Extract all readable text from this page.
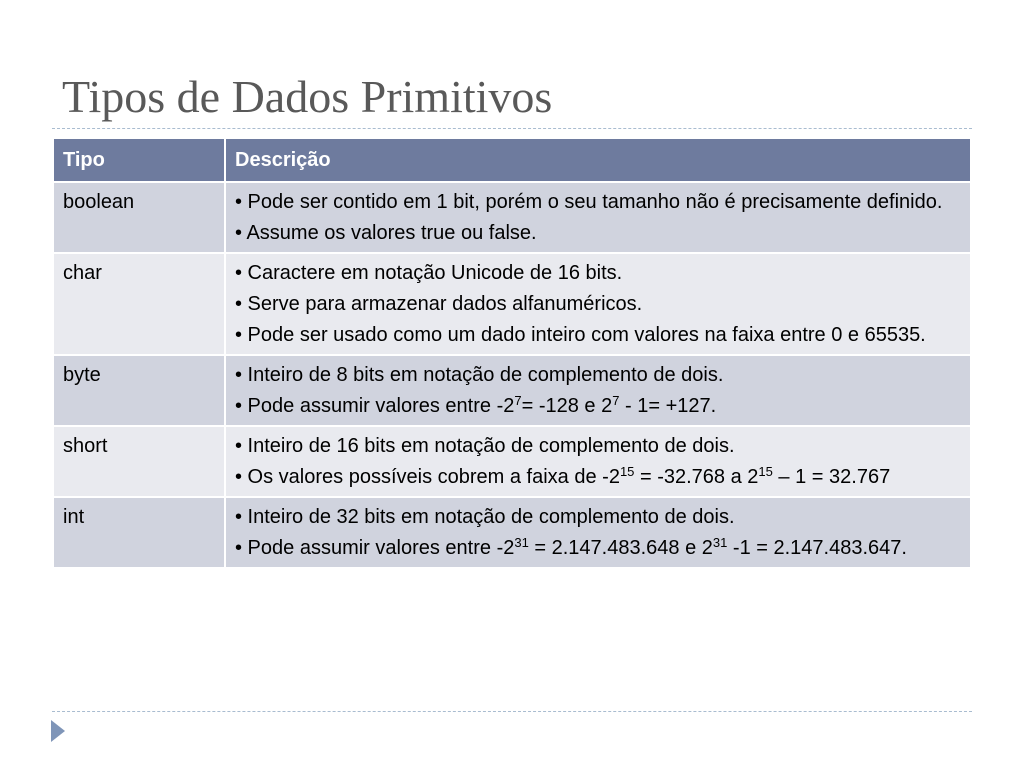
Tipos de Dados Primitivos
Tipo	Descrição
boolean	• Pode ser contido em 1 bit, porém o seu tamanho não é precisamente definido.
• Assume os valores true ou false.

char	• Caractere em notação Unicode de 16 bits.
• Serve para armazenar dados alfanuméricos.
• Pode ser usado como um dado inteiro com valores na faixa entre 0 e 65535.

byte	• Inteiro de 8 bits em notação de complemento de dois.
• Pode assumir valores entre $-2^7= -128$ e $2^7 - 1= +127$.

short	• Inteiro de 16 bits em notação de complemento de dois.
• Os valores possíveis cobrem a faixa de $-2^{15} = -32.768$ a $2^{15} - 1 = 32.767$

int	• Inteiro de 32 bits em notação de complemento de dois.
• Pode assumir valores entre $-2^{31} = 2.147.483.648$ e $2^{31}$ -1 = 2.147.483.647.
